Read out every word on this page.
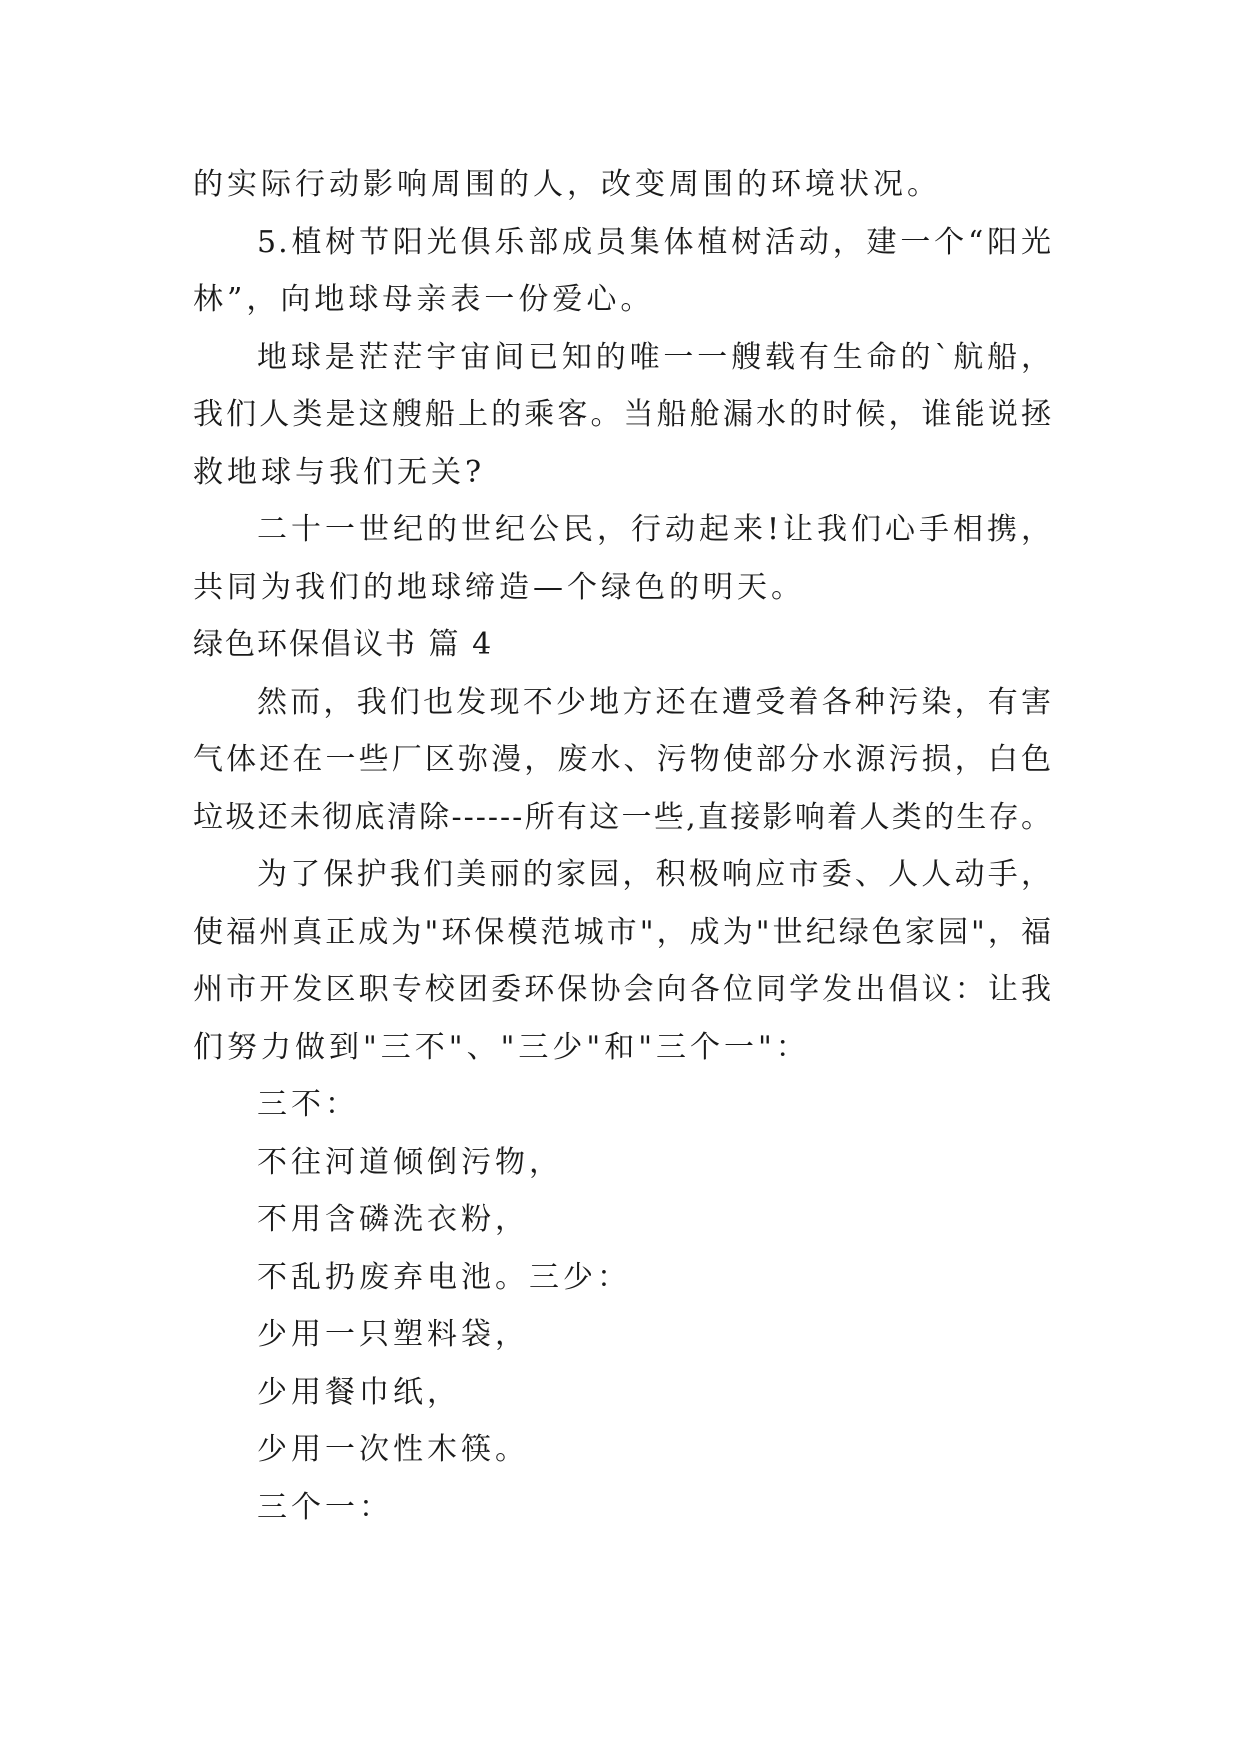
的实际行动影响周围的人，改变周围的环境状况。
5.植树节阳光俱乐部成员集体植树活动，建一个“阳光
林”，向地球母亲表一份爱心。
地球是茫茫宇宙间已知的唯一一艘载有生命的`航船，
我们人类是这艘船上的乘客。当船舱漏水的时候，谁能说拯
救地球与我们无关?
二十一世纪的世纪公民，行动起来!让我们心手相携，
共同为我们的地球缔造—个绿色的明天。
绿色环保倡议书 篇 4
然而，我们也发现不少地方还在遭受着各种污染，有害
气体还在一些厂区弥漫，废水、污物使部分水源污损，白色
垃圾还未彻底清除------所有这一些,直接影响着人类的生存。
为了保护我们美丽的家园，积极响应市委、人人动手，
使福州真正成为"环保模范城市"，成为"世纪绿色家园"，福
州市开发区职专校团委环保协会向各位同学发出倡议：让我
们努力做到"三不"、"三少"和"三个一"：
三不：
不往河道倾倒污物，
不用含磷洗衣粉，
不乱扔废弃电池。三少：
少用一只塑料袋，
少用餐巾纸，
少用一次性木筷。
三个一：
